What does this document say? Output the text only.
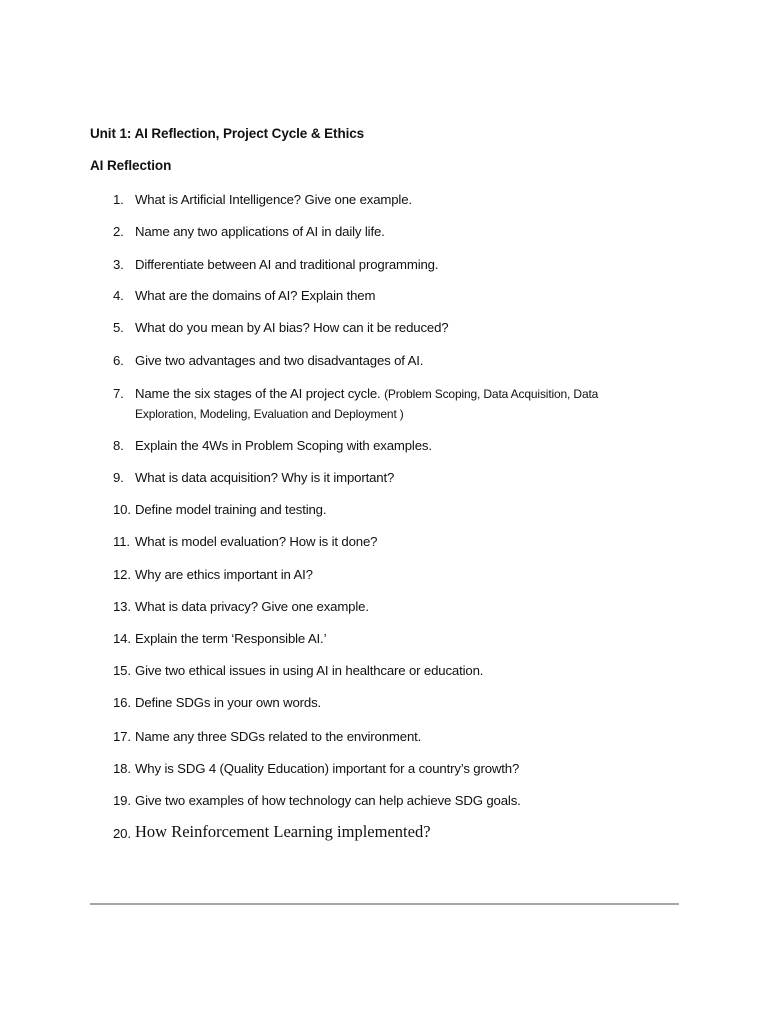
Unit 1: AI Reflection, Project Cycle & Ethics
AI Reflection
1. What is Artificial Intelligence? Give one example.
2. Name any two applications of AI in daily life.
3. Differentiate between AI and traditional programming.
4. What are the domains of AI? Explain them
5. What do you mean by AI bias? How can it be reduced?
6. Give two advantages and two disadvantages of AI.
7. Name the six stages of the AI project cycle. (Problem Scoping, Data Acquisition, Data
Exploration, Modeling, Evaluation and Deployment )
8. Explain the 4Ws in Problem Scoping with examples.
9. What is data acquisition? Why is it important?
10. Define model training and testing.
11. What is model evaluation? How is it done?
12. Why are ethics important in AI?
13. What is data privacy? Give one example.
14. Explain the term ‘Responsible AI.’
15. Give two ethical issues in using AI in healthcare or education.
16. Define SDGs in your own words.
17. Name any three SDGs related to the environment.
18. Why is SDG 4 (Quality Education) important for a country’s growth?
19. Give two examples of how technology can help achieve SDG goals.
20. How Reinforcement Learning implemented?
